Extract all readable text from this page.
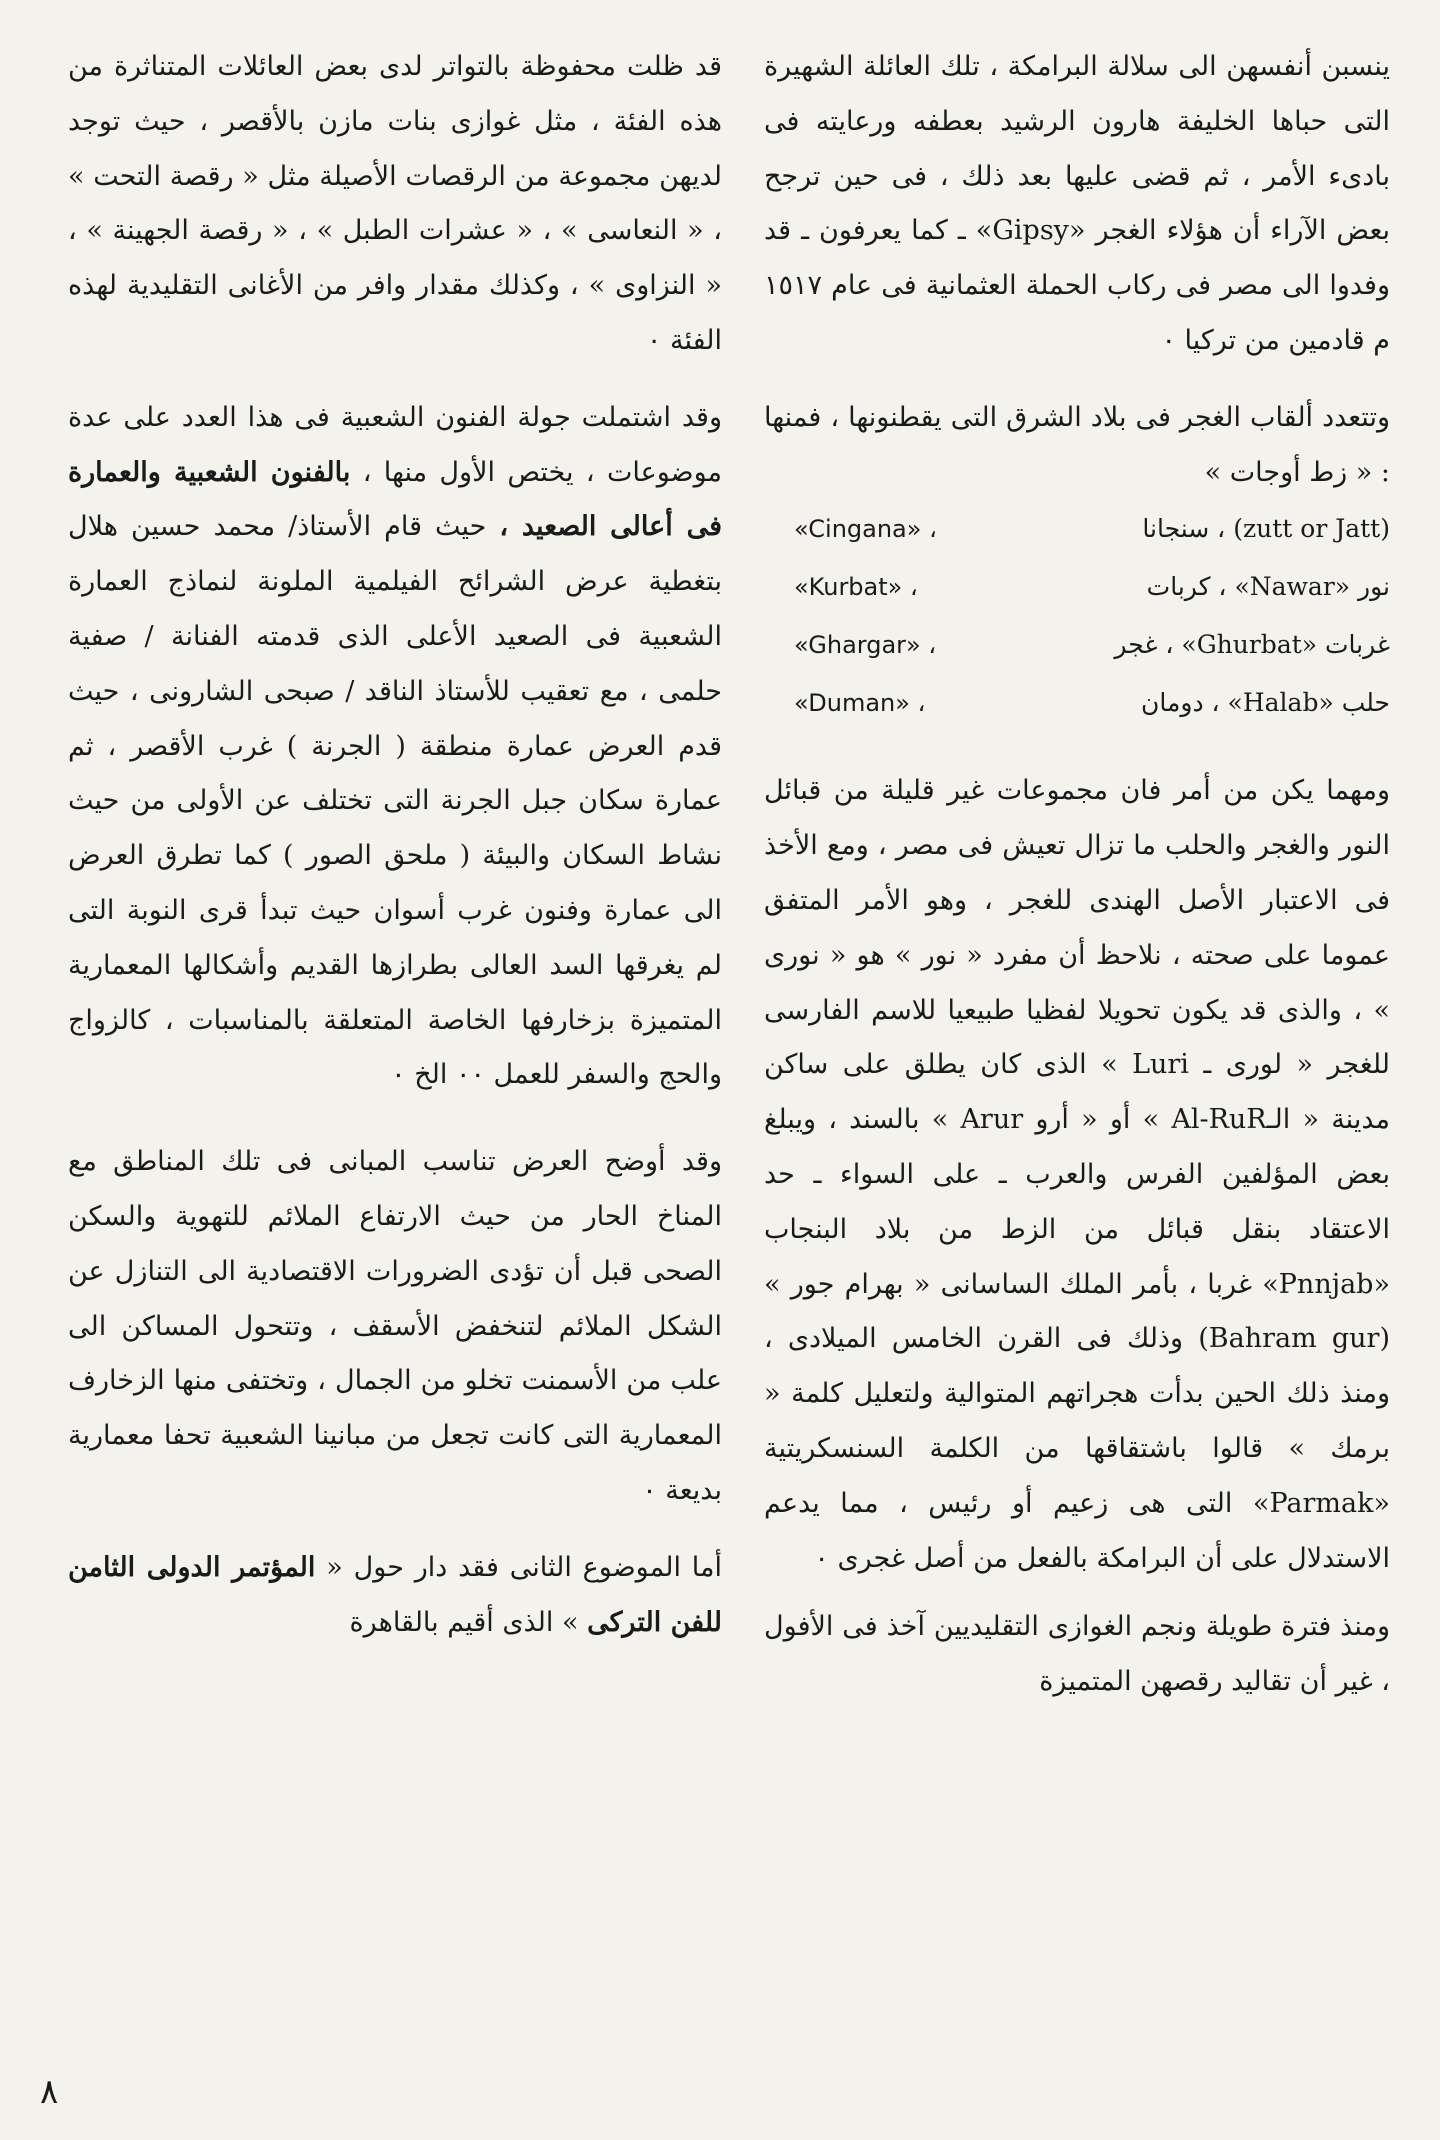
ينسبن أنفسهن الى سلالة البرامكة ، تلك العائلة الشهيرة التى حباها الخليفة هارون الرشيد بعطفه ورعايته فى بادىء الأمر ، ثم قضى عليها بعد ذلك ، فى حين ترجح بعض الآراء أن هؤلاء الغجر «Gipsy» ـ كما يعرفون ـ قد وفدوا الى مصر فى ركاب الحملة العثمانية فى عام ١٥١٧ م قادمين من تركيا ٠

وتتعدد ألقاب الغجر فى بلاد الشرق التى يقطنونها ، فمنها : « زط أوجات »

«Cingana» ،	(zutt or Jatt) ، سنجانا
«Kurbat» ،	نور «Nawar» ، كربات
«Ghargar» ،	غربات «Ghurbat» ، غجر
«Duman» ،	حلب «Halab» ، دومان

ومهما يكن من أمر فان مجموعات غير قليلة من قبائل النور والغجر والحلب ما تزال تعيش فى مصر ، ومع الأخذ فى الاعتبار الأصل الهندى للغجر ، وهو الأمر المتفق عموما على صحته ، نلاحظ أن مفرد « نور » هو « نورى » ، والذى قد يكون تحويلا لفظيا طبيعيا للاسم الفارسى للغجر « لورى ـ Luri » الذى كان يطلق على ساكن مدينة « الـAl-RuR » أو « أرو Arur » بالسند ، ويبلغ بعض المؤلفين الفرس والعرب ـ على السواء ـ حد الاعتقاد بنقل قبائل من الزط من بلاد البنجاب «Pnnjab» غربا ، بأمر الملك الساسانى « بهرام جور » (Bahram gur) وذلك فى القرن الخامس الميلادى ، ومنذ ذلك الحين بدأت هجراتهم المتوالية ولتعليل كلمة « برمك » قالوا باشتقاقها من الكلمة السنسكريتية «Parmak» التى هى زعيم أو رئيس ، مما يدعم الاستدلال على أن البرامكة بالفعل من أصل غجرى ٠

ومنذ فترة طويلة ونجم الغوازى التقليديين آخذ فى الأفول ، غير أن تقاليد رقصهن المتميزة

قد ظلت محفوظة بالتواتر لدى بعض العائلات المتناثرة من هذه الفئة ، مثل غوازى بنات مازن بالأقصر ، حيث توجد لديهن مجموعة من الرقصات الأصيلة مثل « رقصة التحت » ، « النعاسى » ، « عشرات الطبل » ، « رقصة الجهينة » ، « النزاوى » ، وكذلك مقدار وافر من الأغانى التقليدية لهذه الفئة ٠

وقد اشتملت جولة الفنون الشعبية فى هذا العدد على عدة موضوعات ، يختص الأول منها ، بالفنون الشعبية والعمارة فى أعالى الصعيد ، حيث قام الأستاذ/ محمد حسين هلال بتغطية عرض الشرائح الفيلمية الملونة لنماذج العمارة الشعبية فى الصعيد الأعلى الذى قدمته الفنانة / صفية حلمى ، مع تعقيب للأستاذ الناقد / صبحى الشارونى ، حيث قدم العرض عمارة منطقة ( الجرنة ) غرب الأقصر ، ثم عمارة سكان جبل الجرنة التى تختلف عن الأولى من حيث نشاط السكان والبيئة ( ملحق الصور ) كما تطرق العرض الى عمارة وفنون غرب أسوان حيث تبدأ قرى النوبة التى لم يغرقها السد العالى بطرازها القديم وأشكالها المعمارية المتميزة بزخارفها الخاصة المتعلقة بالمناسبات ، كالزواج والحج والسفر للعمل ٠٠ الخ ٠

وقد أوضح العرض تناسب المبانى فى تلك المناطق مع المناخ الحار من حيث الارتفاع الملائم للتهوية والسكن الصحى قبل أن تؤدى الضرورات الاقتصادية الى التنازل عن الشكل الملائم لتنخفض الأسقف ، وتتحول المساكن الى علب من الأسمنت تخلو من الجمال ، وتختفى منها الزخارف المعمارية التى كانت تجعل من مبانينا الشعبية تحفا معمارية بديعة ٠

أما الموضوع الثانى فقد دار حول « المؤتمر الدولى الثامن للفن التركى » الذى أقيم بالقاهرة

٨
